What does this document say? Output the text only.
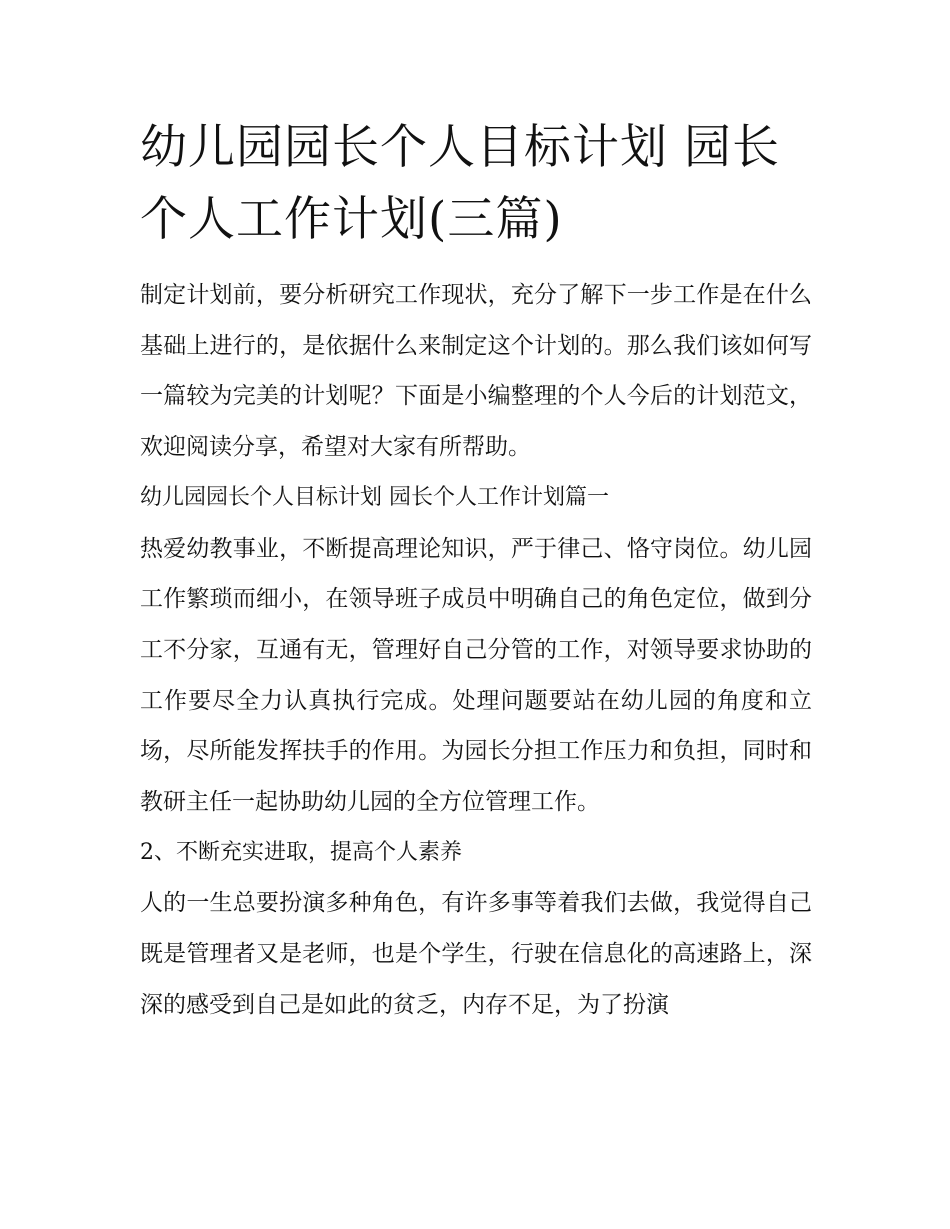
幼儿园园长个人目标计划 园长个人工作计划(三篇)

制定计划前，要分析研究工作现状，充分了解下一步工作是在什么基础上进行的，是依据什么来制定这个计划的。那么我们该如何写一篇较为完美的计划呢？下面是小编整理的个人今后的计划范文，欢迎阅读分享，希望对大家有所帮助。

幼儿园园长个人目标计划 园长个人工作计划篇一

热爱幼教事业，不断提高理论知识，严于律己、恪守岗位。幼儿园工作繁琐而细小，在领导班子成员中明确自己的角色定位，做到分工不分家，互通有无，管理好自己分管的工作，对领导要求协助的工作要尽全力认真执行完成。处理问题要站在幼儿园的角度和立场，尽所能发挥扶手的作用。为园长分担工作压力和负担，同时和教研主任一起协助幼儿园的全方位管理工作。

2、不断充实进取，提高个人素养

人的一生总要扮演多种角色，有许多事等着我们去做，我觉得自己既是管理者又是老师，也是个学生，行驶在信息化的高速路上，深深的感受到自己是如此的贫乏，内存不足，为了扮演
